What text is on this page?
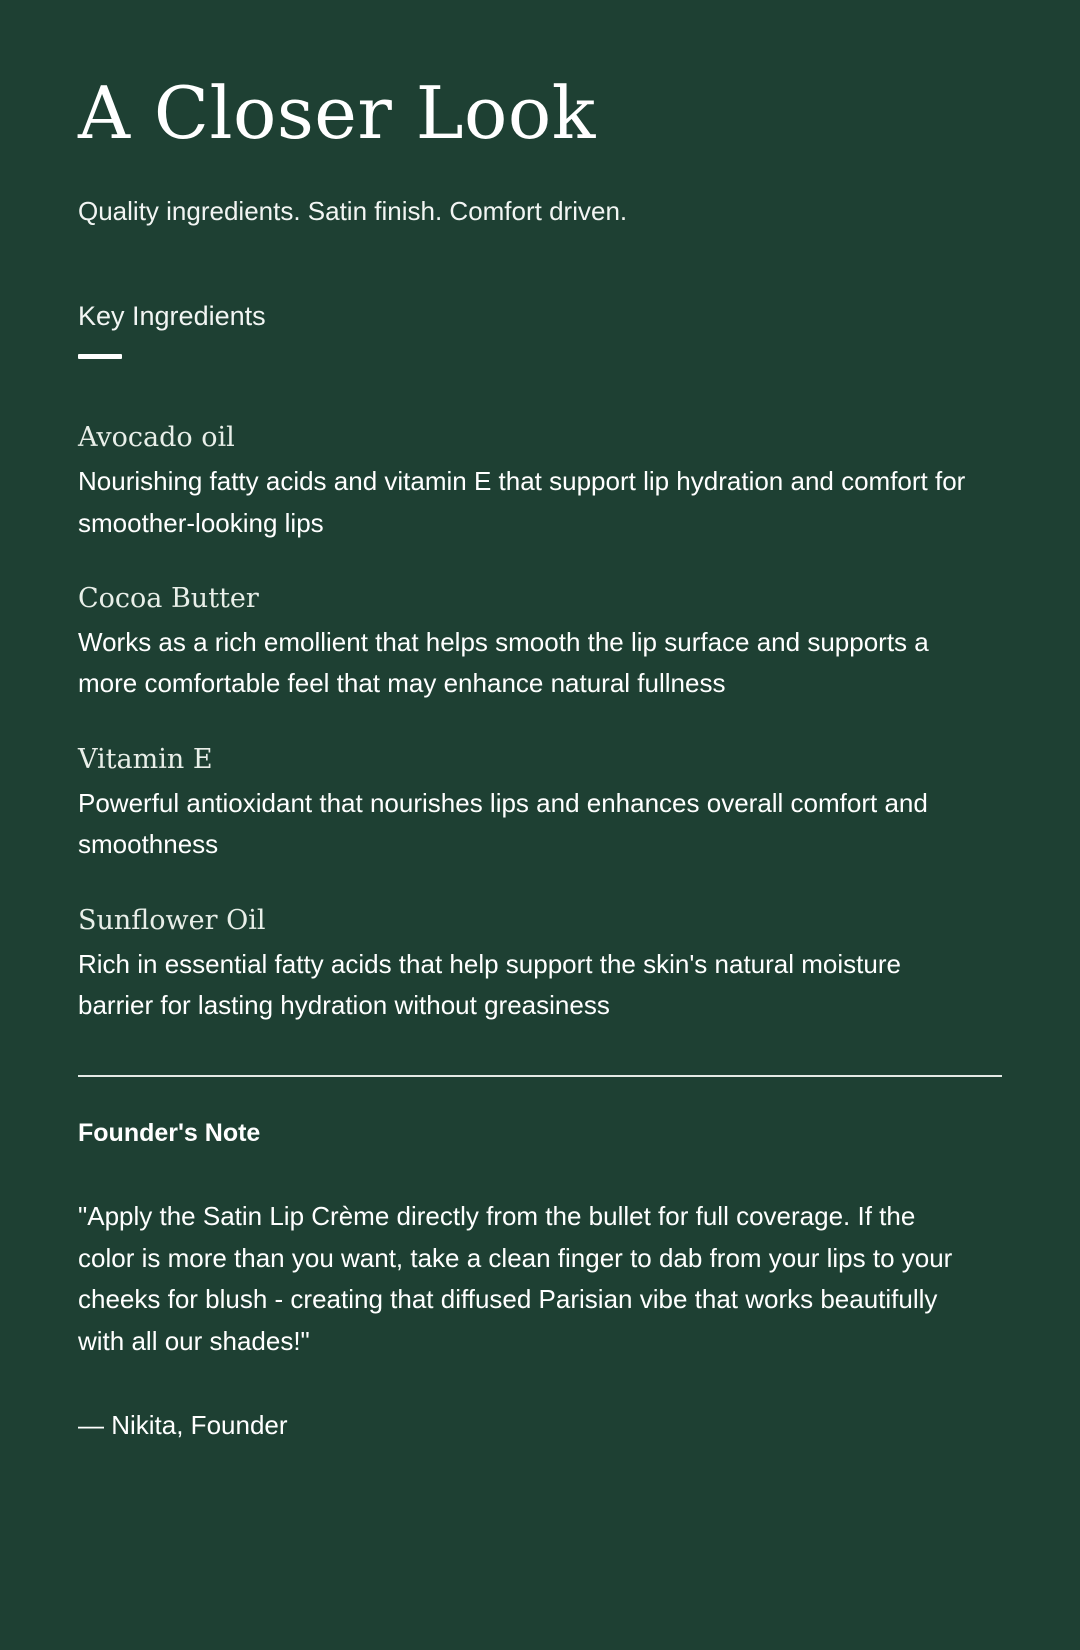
A Closer Look

Quality ingredients. Satin finish. Comfort driven.

Key Ingredients
Avocado oil

Nourishing fatty acids and vitamin E that support lip hydration and comfort for smoother-looking lips

Cocoa Butter

Works as a rich emollient that helps smooth the lip surface and supports a more comfortable feel that may enhance natural fullness

Vitamin E

Powerful antioxidant that nourishes lips and enhances overall comfort and smoothness

Sunflower Oil

Rich in essential fatty acids that help support the skin's natural moisture barrier for lasting hydration without greasiness

Founder's Note

"Apply the Satin Lip Crème directly from the bullet for full coverage. If the color is more than you want, take a clean finger to dab from your lips to your cheeks for blush - creating that diffused Parisian vibe that works beautifully with all our shades!"

— Nikita, Founder
